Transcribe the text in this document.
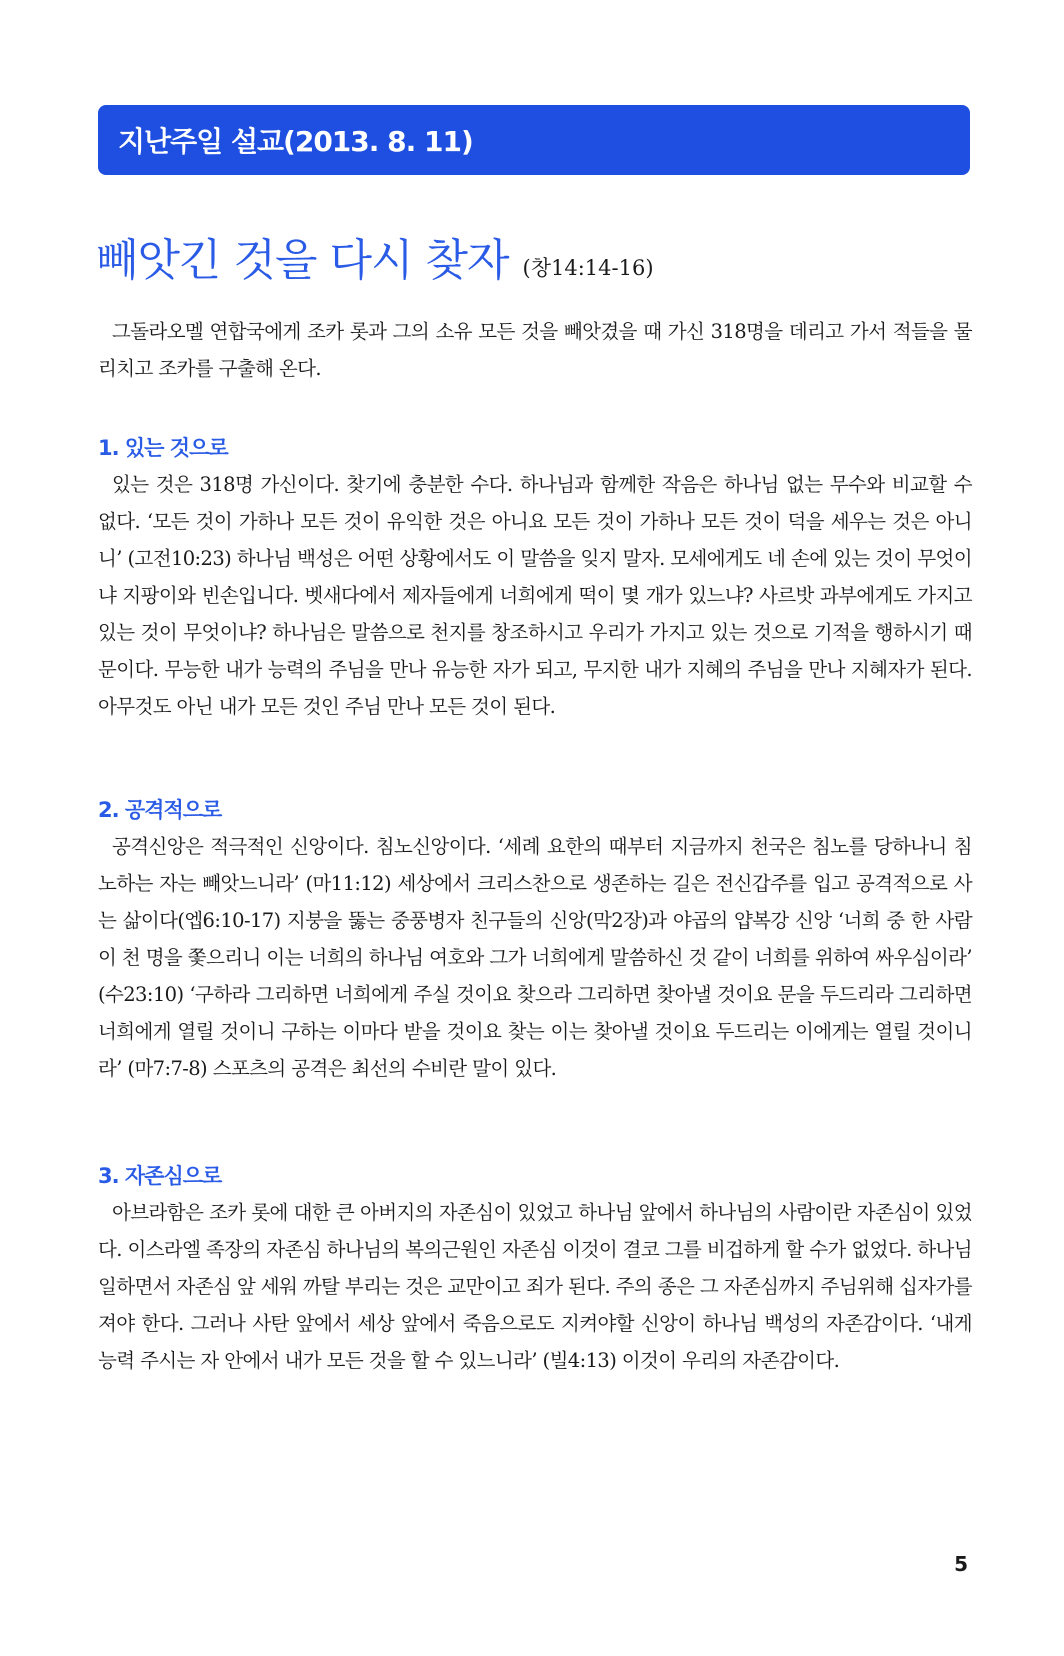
지난주일 설교(2013. 8. 11)
빼앗긴 것을 다시 찾자 (창14:14-16)

그돌라오멜 연합국에게 조카 롯과 그의 소유 모든 것을 빼앗겼을 때 가신 318명을 데리고 가서 적들을 물리치고 조카를 구출해 온다.

1. 있는 것으로

있는 것은 318명 가신이다. 찾기에 충분한 수다. 하나님과 함께한 작음은 하나님 없는 무수와 비교할 수 없다. ‘모든 것이 가하나 모든 것이 유익한 것은 아니요 모든 것이 가하나 모든 것이 덕을 세우는 것은 아니니’ (고전10:23) 하나님 백성은 어떤 상황에서도 이 말씀을 잊지 말자. 모세에게도 네 손에 있는 것이 무엇이냐 지팡이와 빈손입니다. 벳새다에서 제자들에게 너희에게 떡이 몇 개가 있느냐? 사르밧 과부에게도 가지고 있는 것이 무엇이냐? 하나님은 말씀으로 천지를 창조하시고 우리가 가지고 있는 것으로 기적을 행하시기 때문이다. 무능한 내가 능력의 주님을 만나 유능한 자가 되고, 무지한 내가 지혜의 주님을 만나 지혜자가 된다. 아무것도 아닌 내가 모든 것인 주님 만나 모든 것이 된다.

2. 공격적으로

공격신앙은 적극적인 신앙이다. 침노신앙이다. ‘세례 요한의 때부터 지금까지 천국은 침노를 당하나니 침노하는 자는 빼앗느니라’ (마11:12) 세상에서 크리스찬으로 생존하는 길은 전신갑주를 입고 공격적으로 사는 삶이다(엡6:10-17) 지붕을 뚫는 중풍병자 친구들의 신앙(막2장)과 야곱의 얍복강 신앙 ‘너희 중 한 사람이 천 명을 쫓으리니 이는 너희의 하나님 여호와 그가 너희에게 말씀하신 것 같이 너희를 위하여 싸우심이라’ (수23:10) ‘구하라 그리하면 너희에게 주실 것이요 찾으라 그리하면 찾아낼 것이요 문을 두드리라 그리하면 너희에게 열릴 것이니 구하는 이마다 받을 것이요 찾는 이는 찾아낼 것이요 두드리는 이에게는 열릴 것이니라’ (마7:7-8) 스포츠의 공격은 최선의 수비란 말이 있다.

3. 자존심으로

아브라함은 조카 롯에 대한 큰 아버지의 자존심이 있었고 하나님 앞에서 하나님의 사람이란 자존심이 있었다. 이스라엘 족장의 자존심 하나님의 복의근원인 자존심 이것이 결코 그를 비겁하게 할 수가 없었다. 하나님 일하면서 자존심 앞 세워 까탈 부리는 것은 교만이고 죄가 된다. 주의 종은 그 자존심까지 주님위해 십자가를 져야 한다. 그러나 사탄 앞에서 세상 앞에서 죽음으로도 지켜야할 신앙이 하나님 백성의 자존감이다. ‘내게 능력 주시는 자 안에서 내가 모든 것을 할 수 있느니라’ (빌4:13) 이것이 우리의 자존감이다.

5
